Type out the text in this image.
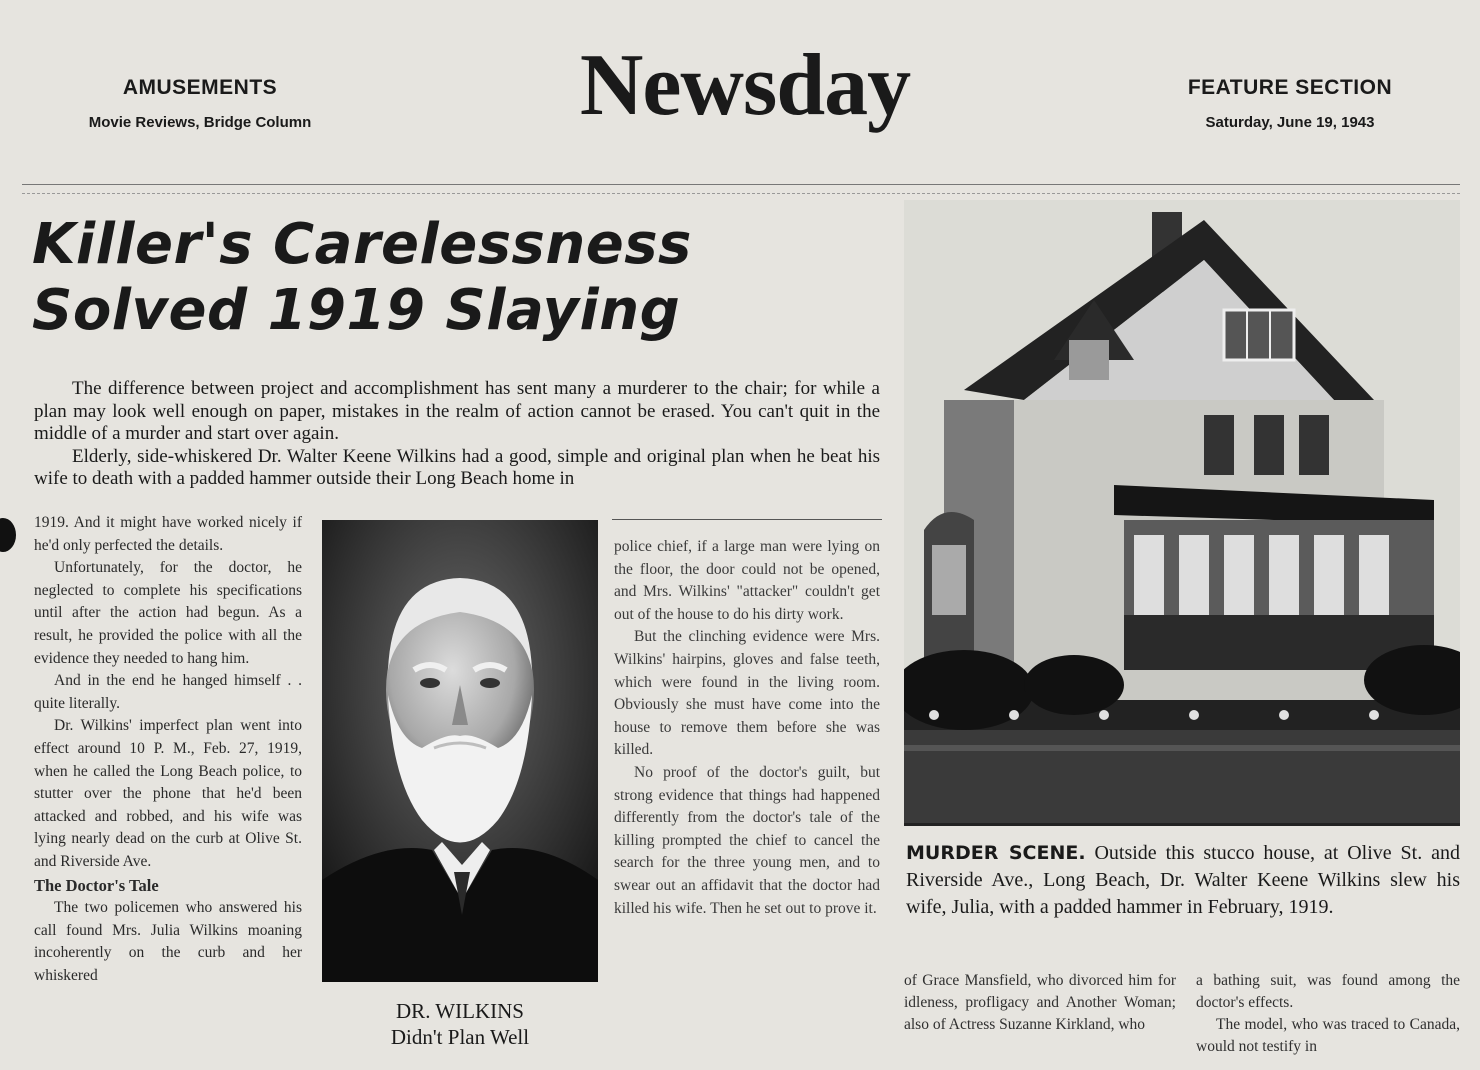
AMUSEMENTS
Movie Reviews, Bridge Column	Newsday	FEATURE SECTION
Saturday, June 19, 1943
Killer's Carelessness
Solved 1919 Slaying

The difference between project and accomplishment has sent many a murderer to the chair; for while a plan may look well enough on paper, mistakes in the realm of action cannot be erased. You can't quit in the middle of a murder and start over again.

Elderly, side-whiskered Dr. Walter Keene Wilkins had a good, simple and original plan when he beat his wife to death with a padded hammer outside their Long Beach home in

1919. And it might have worked nicely if he'd only perfected the details.

Unfortunately, for the doctor, he neglected to complete his specifications until after the action had begun. As a result, he provided the police with all the evidence they needed to hang him.

And in the end he hanged himself . . quite literally.

Dr. Wilkins' imperfect plan went into effect around 10 P. M., Feb. 27, 1919, when he called the Long Beach police, to stutter over the phone that he'd been attacked and robbed, and his wife was lying nearly dead on the curb at Olive St. and Riverside Ave.

The Doctor's Tale

The two policemen who answered his call found Mrs. Julia Wilkins moaning incoherently on the curb and her whiskered

DR. WILKINS
Didn't Plan Well

police chief, if a large man were lying on the floor, the door could not be opened, and Mrs. Wilkins' "attacker" couldn't get out of the house to do his dirty work.

But the clinching evidence were Mrs. Wilkins' hairpins, gloves and false teeth, which were found in the living room. Obviously she must have come into the house to remove them before she was killed.

No proof of the doctor's guilt, but strong evidence that things had happened differently from the doctor's tale of the killing prompted the chief to cancel the search for the three young men, and to swear out an affidavit that the doctor had killed his wife. Then he set out to prove it.

MURDER SCENE. Outside this stucco house, at Olive St. and Riverside Ave., Long Beach, Dr. Walter Keene Wilkins slew his wife, Julia, with a padded hammer in February, 1919.

of Grace Mansfield, who divorced him for idleness, profligacy and Another Woman; also of Actress Suzanne Kirkland, who

a bathing suit, was found among the doctor's effects.

The model, who was traced to Canada, would not testify in
